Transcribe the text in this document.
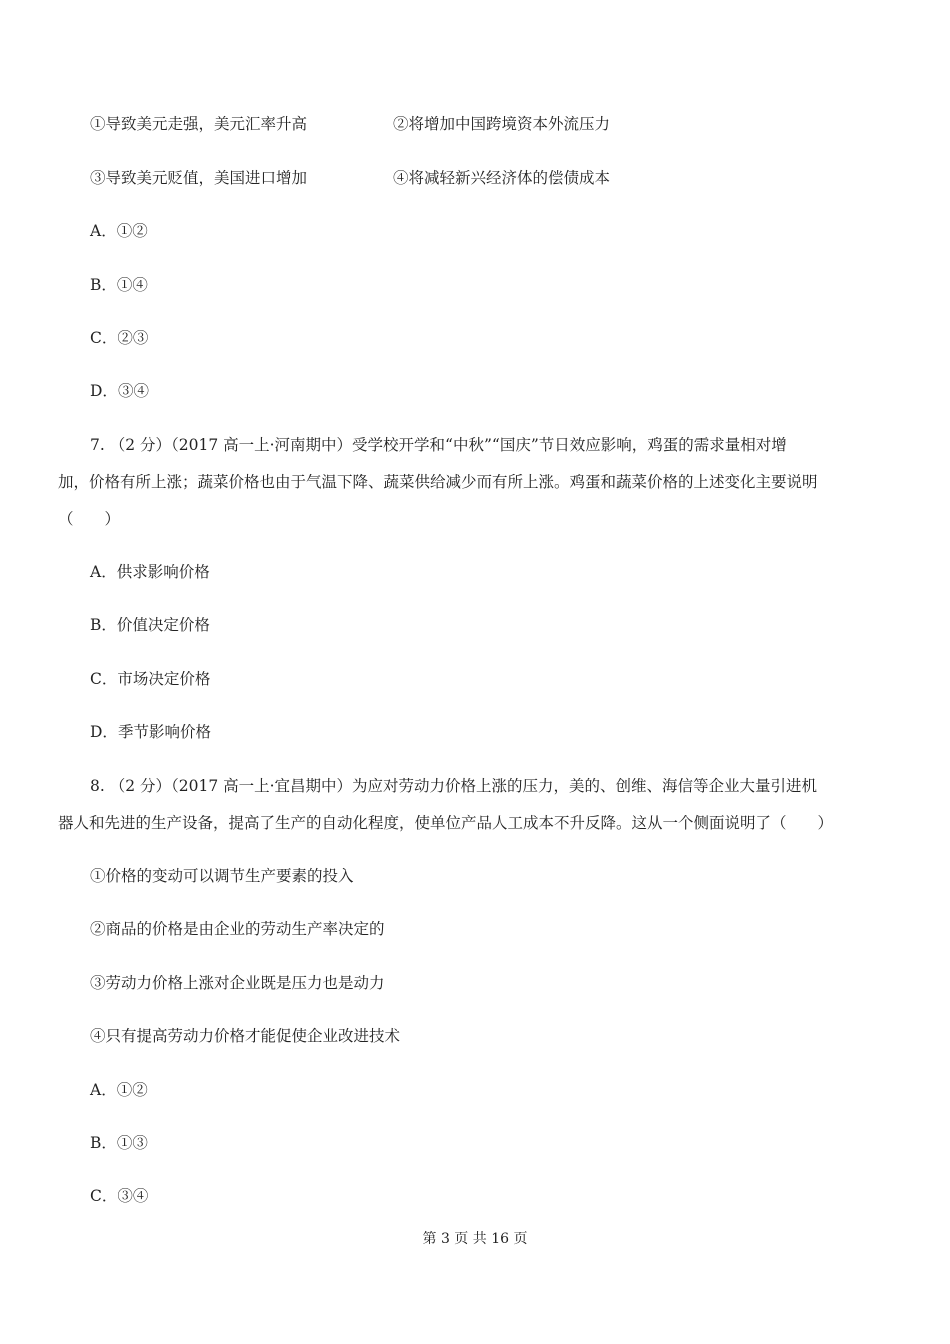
①导致美元走强，美元汇率升高	②将增加中国跨境资本外流压力
③导致美元贬值，美国进口增加	④将减轻新兴经济体的偿债成本
A．①②
B．①④
C．②③
D．③④
7. （2 分）（2017 高一上·河南期中）受学校开学和“中秋”“国庆”节日效应影响，鸡蛋的需求量相对增
加，价格有所上涨；蔬菜价格也由于气温下降、蔬菜供给减少而有所上涨。鸡蛋和蔬菜价格的上述变化主要说明
（　　）
A．供求影响价格
B．价值决定价格
C．市场决定价格
D．季节影响价格
8. （2 分）（2017 高一上·宜昌期中）为应对劳动力价格上涨的压力，美的、创维、海信等企业大量引进机
器人和先进的生产设备，提高了生产的自动化程度，使单位产品人工成本不升反降。这从一个侧面说明了（　　）
①价格的变动可以调节生产要素的投入
②商品的价格是由企业的劳动生产率决定的
③劳动力价格上涨对企业既是压力也是动力
④只有提高劳动力价格才能促使企业改进技术
A．①②
B．①③
C．③④
第 3 页 共 16 页
